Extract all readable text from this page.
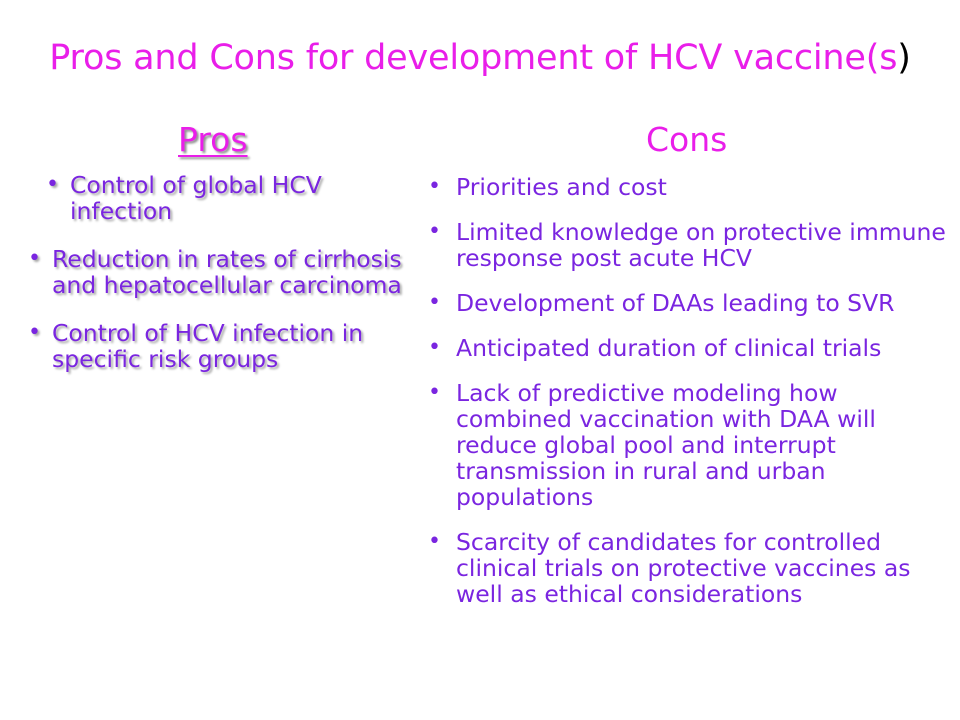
Pros and Cons for development of HCV vaccine(s)
Pros	Cons
• Control of global HCV infection
• Reduction in rates of cirrhosis and hepatocellular carcinoma
• Control of HCV infection in specific risk groups
• Priorities and cost
• Limited knowledge on protective immune response post acute HCV
• Development of DAAs leading to SVR
• Anticipated duration of clinical trials
• Lack of predictive modeling how combined vaccination with DAA will reduce global pool and interrupt transmission in rural and urban populations
• Scarcity of candidates for controlled clinical trials on protective vaccines as well as ethical considerations
